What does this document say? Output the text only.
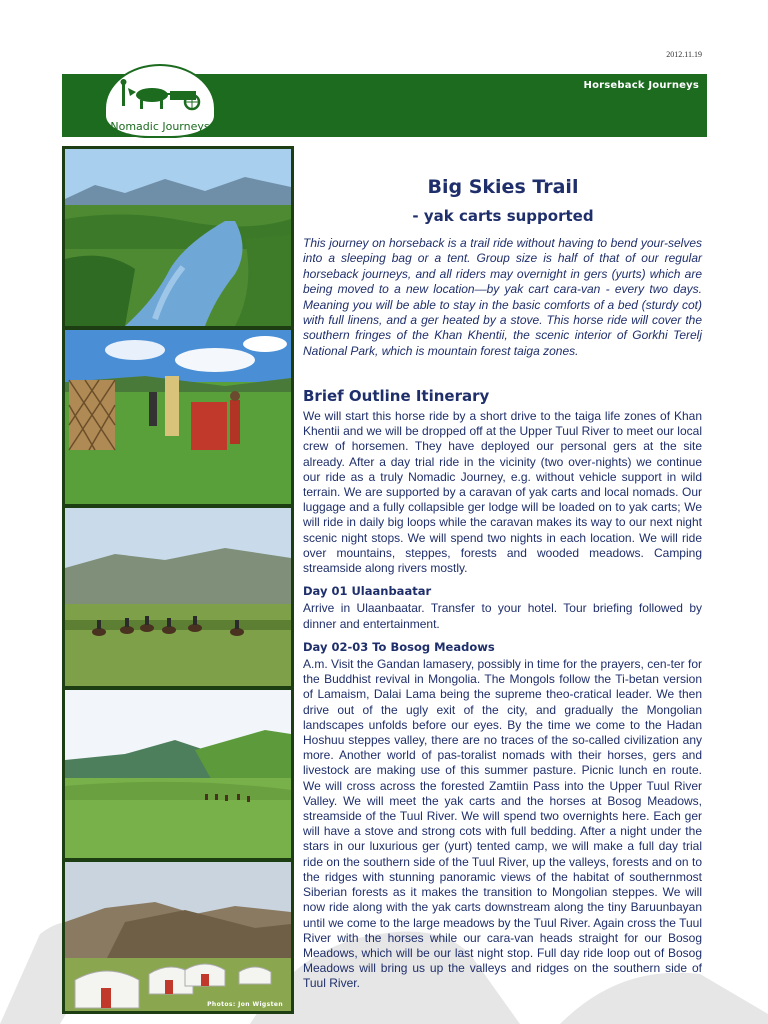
2012.11.19
Horseback Journeys
Nomadic Journeys
Photos: Jon Wigsten
Big Skies Trail
- yak carts supported

This journey on horseback is a trail ride without having to bend your-selves into a sleeping bag or a tent. Group size is half of that of our regular horseback journeys, and all riders may overnight in gers (yurts) which are being moved to a new location—by yak cart cara-van - every two days. Meaning you will be able to stay in the basic comforts of a bed (sturdy cot) with full linens, and a ger heated by a stove. This horse ride will cover the southern fringes of the Khan Khentii, the scenic interior of Gorkhi Terelj National Park, which is mountain forest taiga zones.

Brief Outline Itinerary

We will start this horse ride by a short drive to the taiga life zones of Khan Khentii and we will be dropped off at the Upper Tuul River to meet our local crew of horsemen. They have deployed our personal gers at the site already. After a day trial ride in the vicinity (two over-nights) we continue our ride as a truly Nomadic Journey, e.g. without vehicle support in wild terrain. We are supported by a caravan of yak carts and local nomads. Our luggage and a fully collapsible ger lodge will be loaded on to yak carts; We will ride in daily big loops while the caravan makes its way to our next night scenic night stops. We will spend two nights in each location. We will ride over mountains, steppes, forests and wooded meadows. Camping streamside along rivers mostly.

Day 01 Ulaanbaatar

Arrive in Ulaanbaatar. Transfer to your hotel. Tour briefing followed by dinner and entertainment.

Day 02-03 To Bosog Meadows

A.m. Visit the Gandan lamasery, possibly in time for the prayers, cen-ter for the Buddhist revival in Mongolia. The Mongols follow the Ti-betan version of Lamaism, Dalai Lama being the supreme theo-cratical leader. We then drive out of the ugly exit of the city, and gradually the Mongolian landscapes unfolds before our eyes. By the time we come to the Hadan Hoshuu steppes valley, there are no traces of the so-called civilization any more. Another world of pas-toralist nomads with their horses, gers and livestock are making use of this summer pasture. Picnic lunch en route. We will cross across the forested Zamtiin Pass into the Upper Tuul River Valley. We will meet the yak carts and the horses at Bosog Meadows, streamside of the Tuul River. We will spend two overnights here. Each ger will have a stove and strong cots with full bedding. After a night under the stars in our luxurious ger (yurt) tented camp, we will make a full day trial ride on the southern side of the Tuul River, up the valleys, forests and on to the ridges with stunning panoramic views of the habitat of southernmost Siberian forests as it makes the transition to Mongolian steppes. We will now ride along with the yak carts downstream along the tiny Baruunbayan until we come to the large meadows by the Tuul River. Again cross the Tuul River with the horses while our cara-van heads straight for our Bosog Meadows, which will be our last night stop. Full day ride loop out of Bosog Meadows will bring us up the valleys and ridges on the southern side of Tuul River.
